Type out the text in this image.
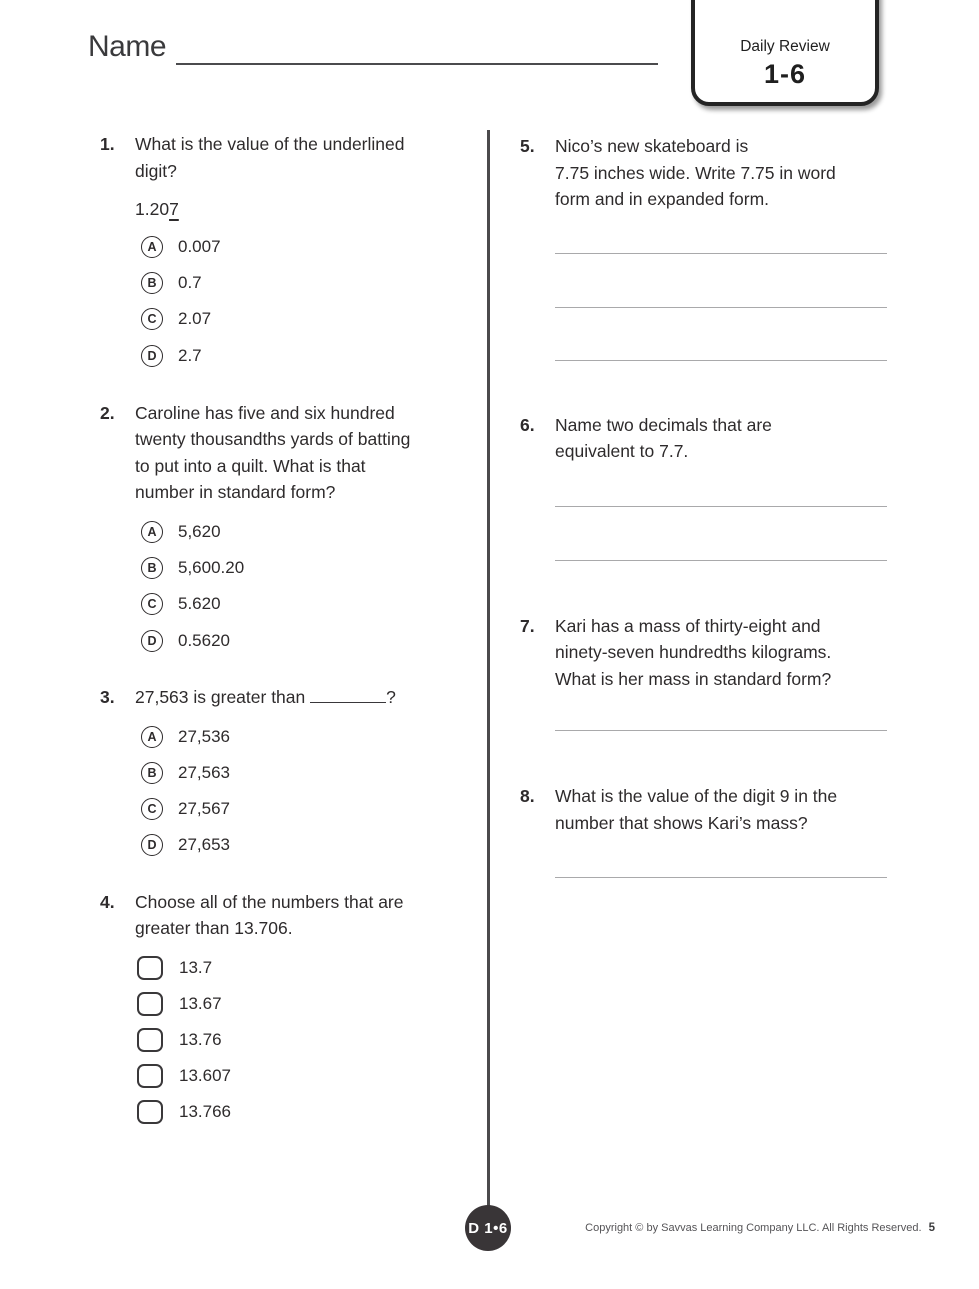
Name	Daily Review
1-6
1.	What is the value of the underlined
digit?
1.207
A	0.007
B	0.7
C	2.07
D	2.7
2.	Caroline has five and six hundred
twenty thousandths yards of batting
to put into a quilt. What is that
number in standard form?
A	5,620
B	5,600.20
C	5.620
D	0.5620
3.	27,563 is greater than	?
A	27,536
B	27,563
C	27,567
D	27,653
4.	Choose all of the numbers that are
greater than 13.706.
13.7
13.67
13.76
13.607
13.766
5.	Nico’s new skateboard is
7.75 inches wide. Write 7.75 in word
form and in expanded form.
6.	Name two decimals that are
equivalent to 7.7.
7.	Kari has a mass of thirty-eight and
ninety-seven hundredths kilograms.
What is her mass in standard form?
8.	What is the value of the digit 9 in the
number that shows Kari’s mass?
D 1•6	Copyright © by Savvas Learning Company LLC. All Rights Reserved. 5
